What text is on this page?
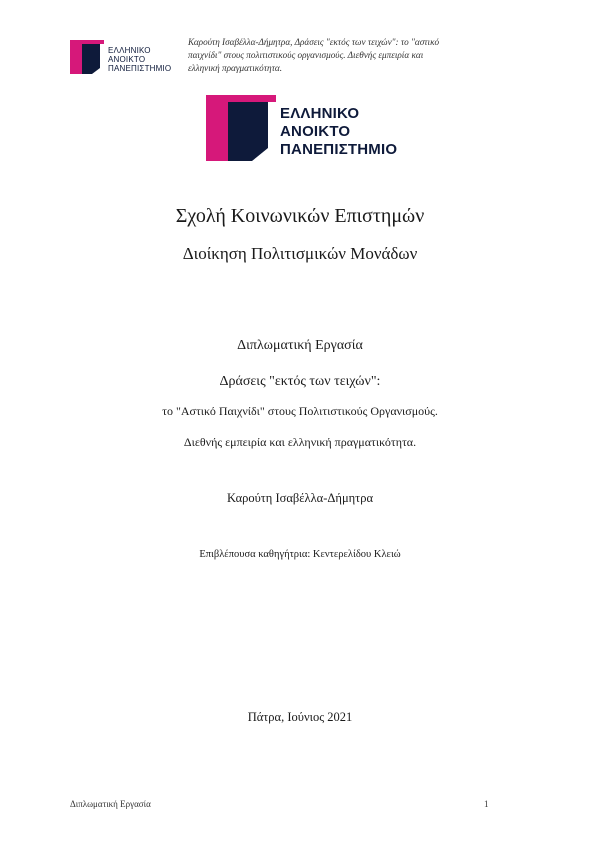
ΕΛΛΗΝΙΚΟ
ΑΝΟΙΚΤΟ
ΠΑΝΕΠΙΣΤΗΜΙΟ
Καρούτη Ισαβέλλα-Δήμητρα, Δράσεις "εκτός των τειχών": το "αστικό
παιχνίδι" στους πολιτιστικούς οργανισμούς. Διεθνής εμπειρία και
ελληνική πραγματικότητα.
ΕΛΛΗΝΙΚΟ
ΑΝΟΙΚΤΟ
ΠΑΝΕΠΙΣΤΗΜΙΟ
Σχολή Κοινωνικών Επιστημών
Διοίκηση Πολιτισμικών Μονάδων
Διπλωματική Εργασία
Δράσεις "εκτός των τειχών":
το "Αστικό Παιχνίδι" στους Πολιτιστικούς Οργανισμούς.
Διεθνής εμπειρία και ελληνική πραγματικότητα.
Καρούτη Ισαβέλλα-Δήμητρα
Επιβλέπουσα καθηγήτρια: Κεντερελίδου Κλειώ
Πάτρα, Ιούνιος 2021
Διπλωματική Εργασία	1
